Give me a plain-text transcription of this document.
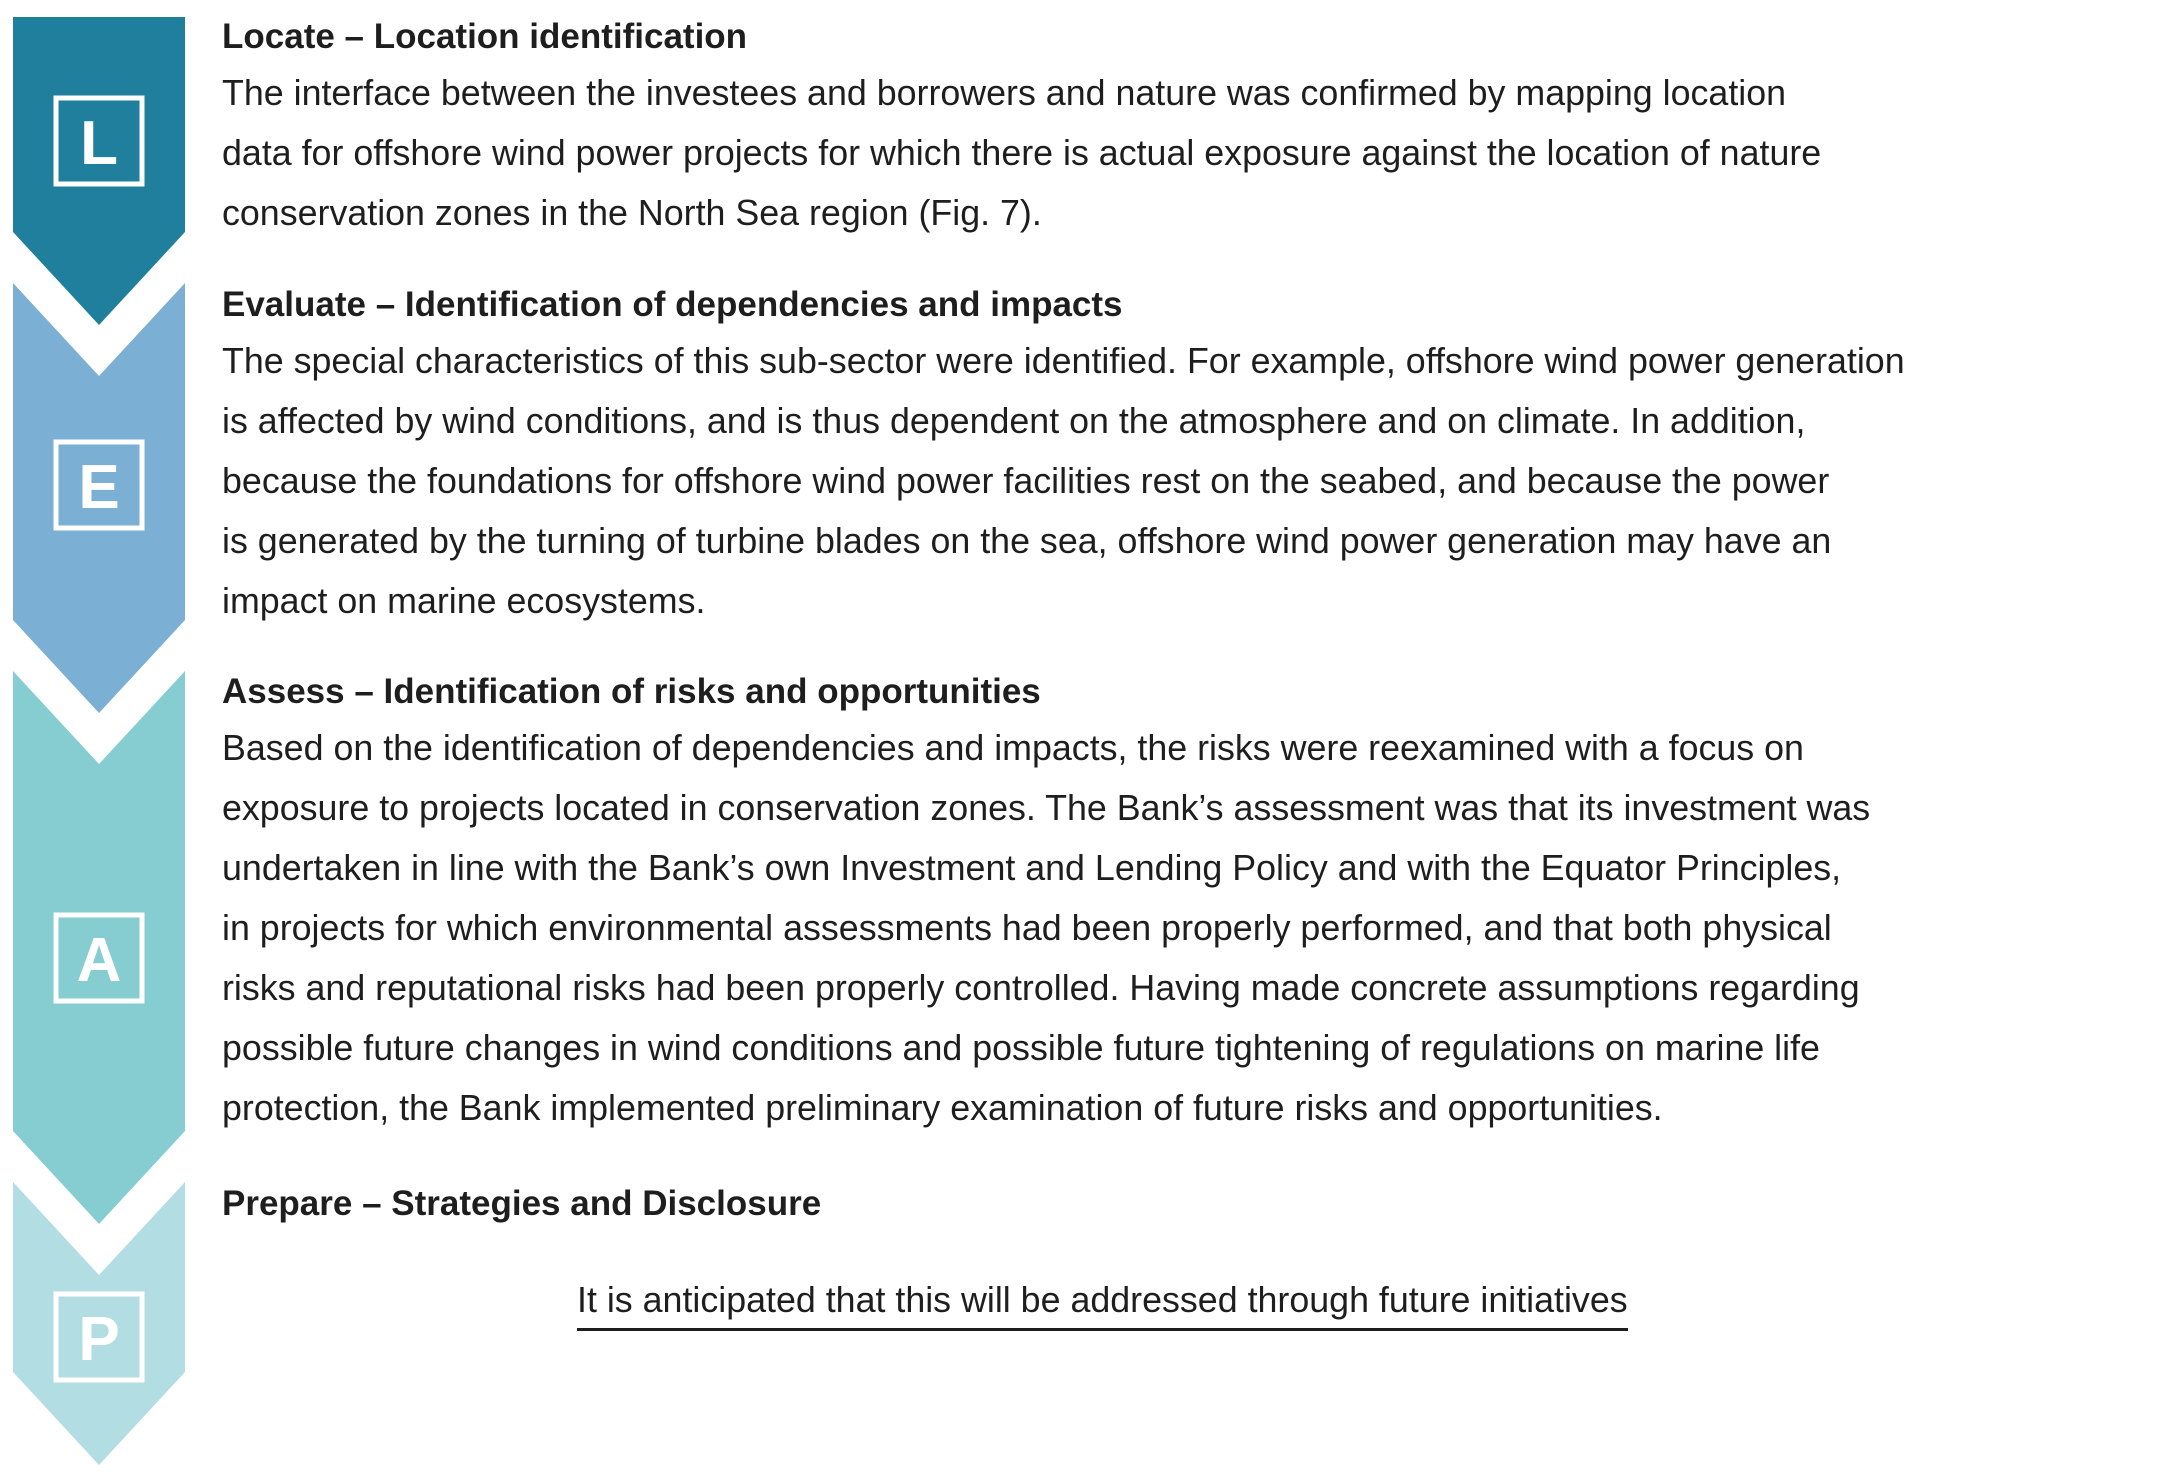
L
E
A
P
Locate – Location identification

The interface between the investees and borrowers and nature was confirmed by mapping location
data for offshore wind power projects for which there is actual exposure against the location of nature
conservation zones in the North Sea region (Fig. 7).

Evaluate – Identification of dependencies and impacts

The special characteristics of this sub-sector were identified. For example, offshore wind power generation
is affected by wind conditions, and is thus dependent on the atmosphere and on climate. In addition,
because the foundations for offshore wind power facilities rest on the seabed, and because the power
is generated by the turning of turbine blades on the sea, offshore wind power generation may have an
impact on marine ecosystems.

Assess – Identification of risks and opportunities

Based on the identification of dependencies and impacts, the risks were reexamined with a focus on
exposure to projects located in conservation zones. The Bank’s assessment was that its investment was
undertaken in line with the Bank’s own Investment and Lending Policy and with the Equator Principles,
in projects for which environmental assessments had been properly performed, and that both physical
risks and reputational risks had been properly controlled. Having made concrete assumptions regarding
possible future changes in wind conditions and possible future tightening of regulations on marine life
protection, the Bank implemented preliminary examination of future risks and opportunities.

Prepare – Strategies and Disclosure
It is anticipated that this will be addressed through future initiatives
